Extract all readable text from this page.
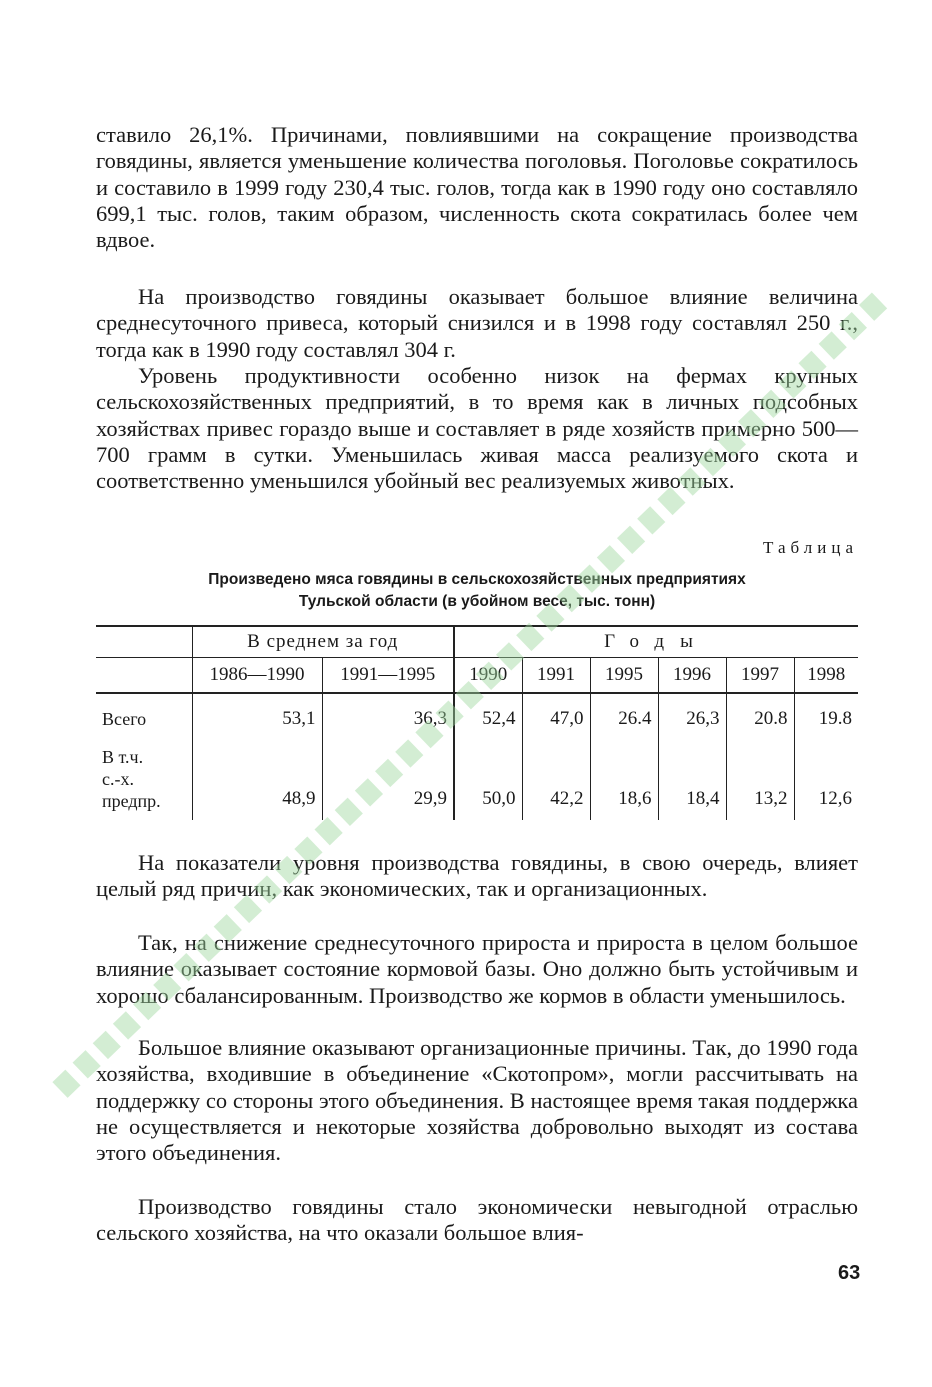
ставило 26,1%. Причинами, повлиявшими на сокращение производства говядины, является уменьшение количества поголовья. Поголовье сократилось и составило в 1999 году 230,4 тыс. голов, тогда как в 1990 году оно составляло 699,1 тыс. голов, таким образом, численность скота сократилась более чем вдвое.

На производство говядины оказывает большое влияние величина среднесуточного привеса, который снизился и в 1998 году составлял 250 г., тогда как в 1990 году составлял 304 г.

Уровень продуктивности особенно низок на фермах крупных сельскохозяйственных предприятий, в то время как в личных подсобных хозяйствах привес гораздо выше и составляет в ряде хозяйств примерно 500—700 грамм в сутки. Уменьшилась живая масса реализуемого скота и соответственно уменьшился убойный вес реализуемых животных.

Таблица
Произведено мяса говядины в сельскохозяйственных предприятиях
Тульской области (в убойном весе, тыс. тонн)
	В среднем за год		Годы					
	1986—1990	1991—1995	1990	1991	1995	1996	1997	1998
Всего	53,1	36,3	52,4	47,0	26.4	26,3	20.8	19.8

В т.ч.
с.-х.
предпр.	48,9	29,9	50,0	42,2	18,6	18,4	13,2	12,6

На показатели уровня производства говядины, в свою очередь, влияет целый ряд причин, как экономических, так и организационных.

Так, на снижение среднесуточного прироста и прироста в целом большое влияние оказывает состояние кормовой базы. Оно должно быть устойчивым и хорошо сбалансированным. Производство же кормов в области уменьшилось.

Большое влияние оказывают организационные причины. Так, до 1990 года хозяйства, входившие в объединение «Скотопром», могли рассчитывать на поддержку со стороны этого объединения. В настоящее время такая поддержка не осуществляется и некоторые хозяйства добровольно выходят из состава этого объединения.

Производство говядины стало экономически невыгодной отраслью сельского хозяйства, на что оказали большое влия-

63
